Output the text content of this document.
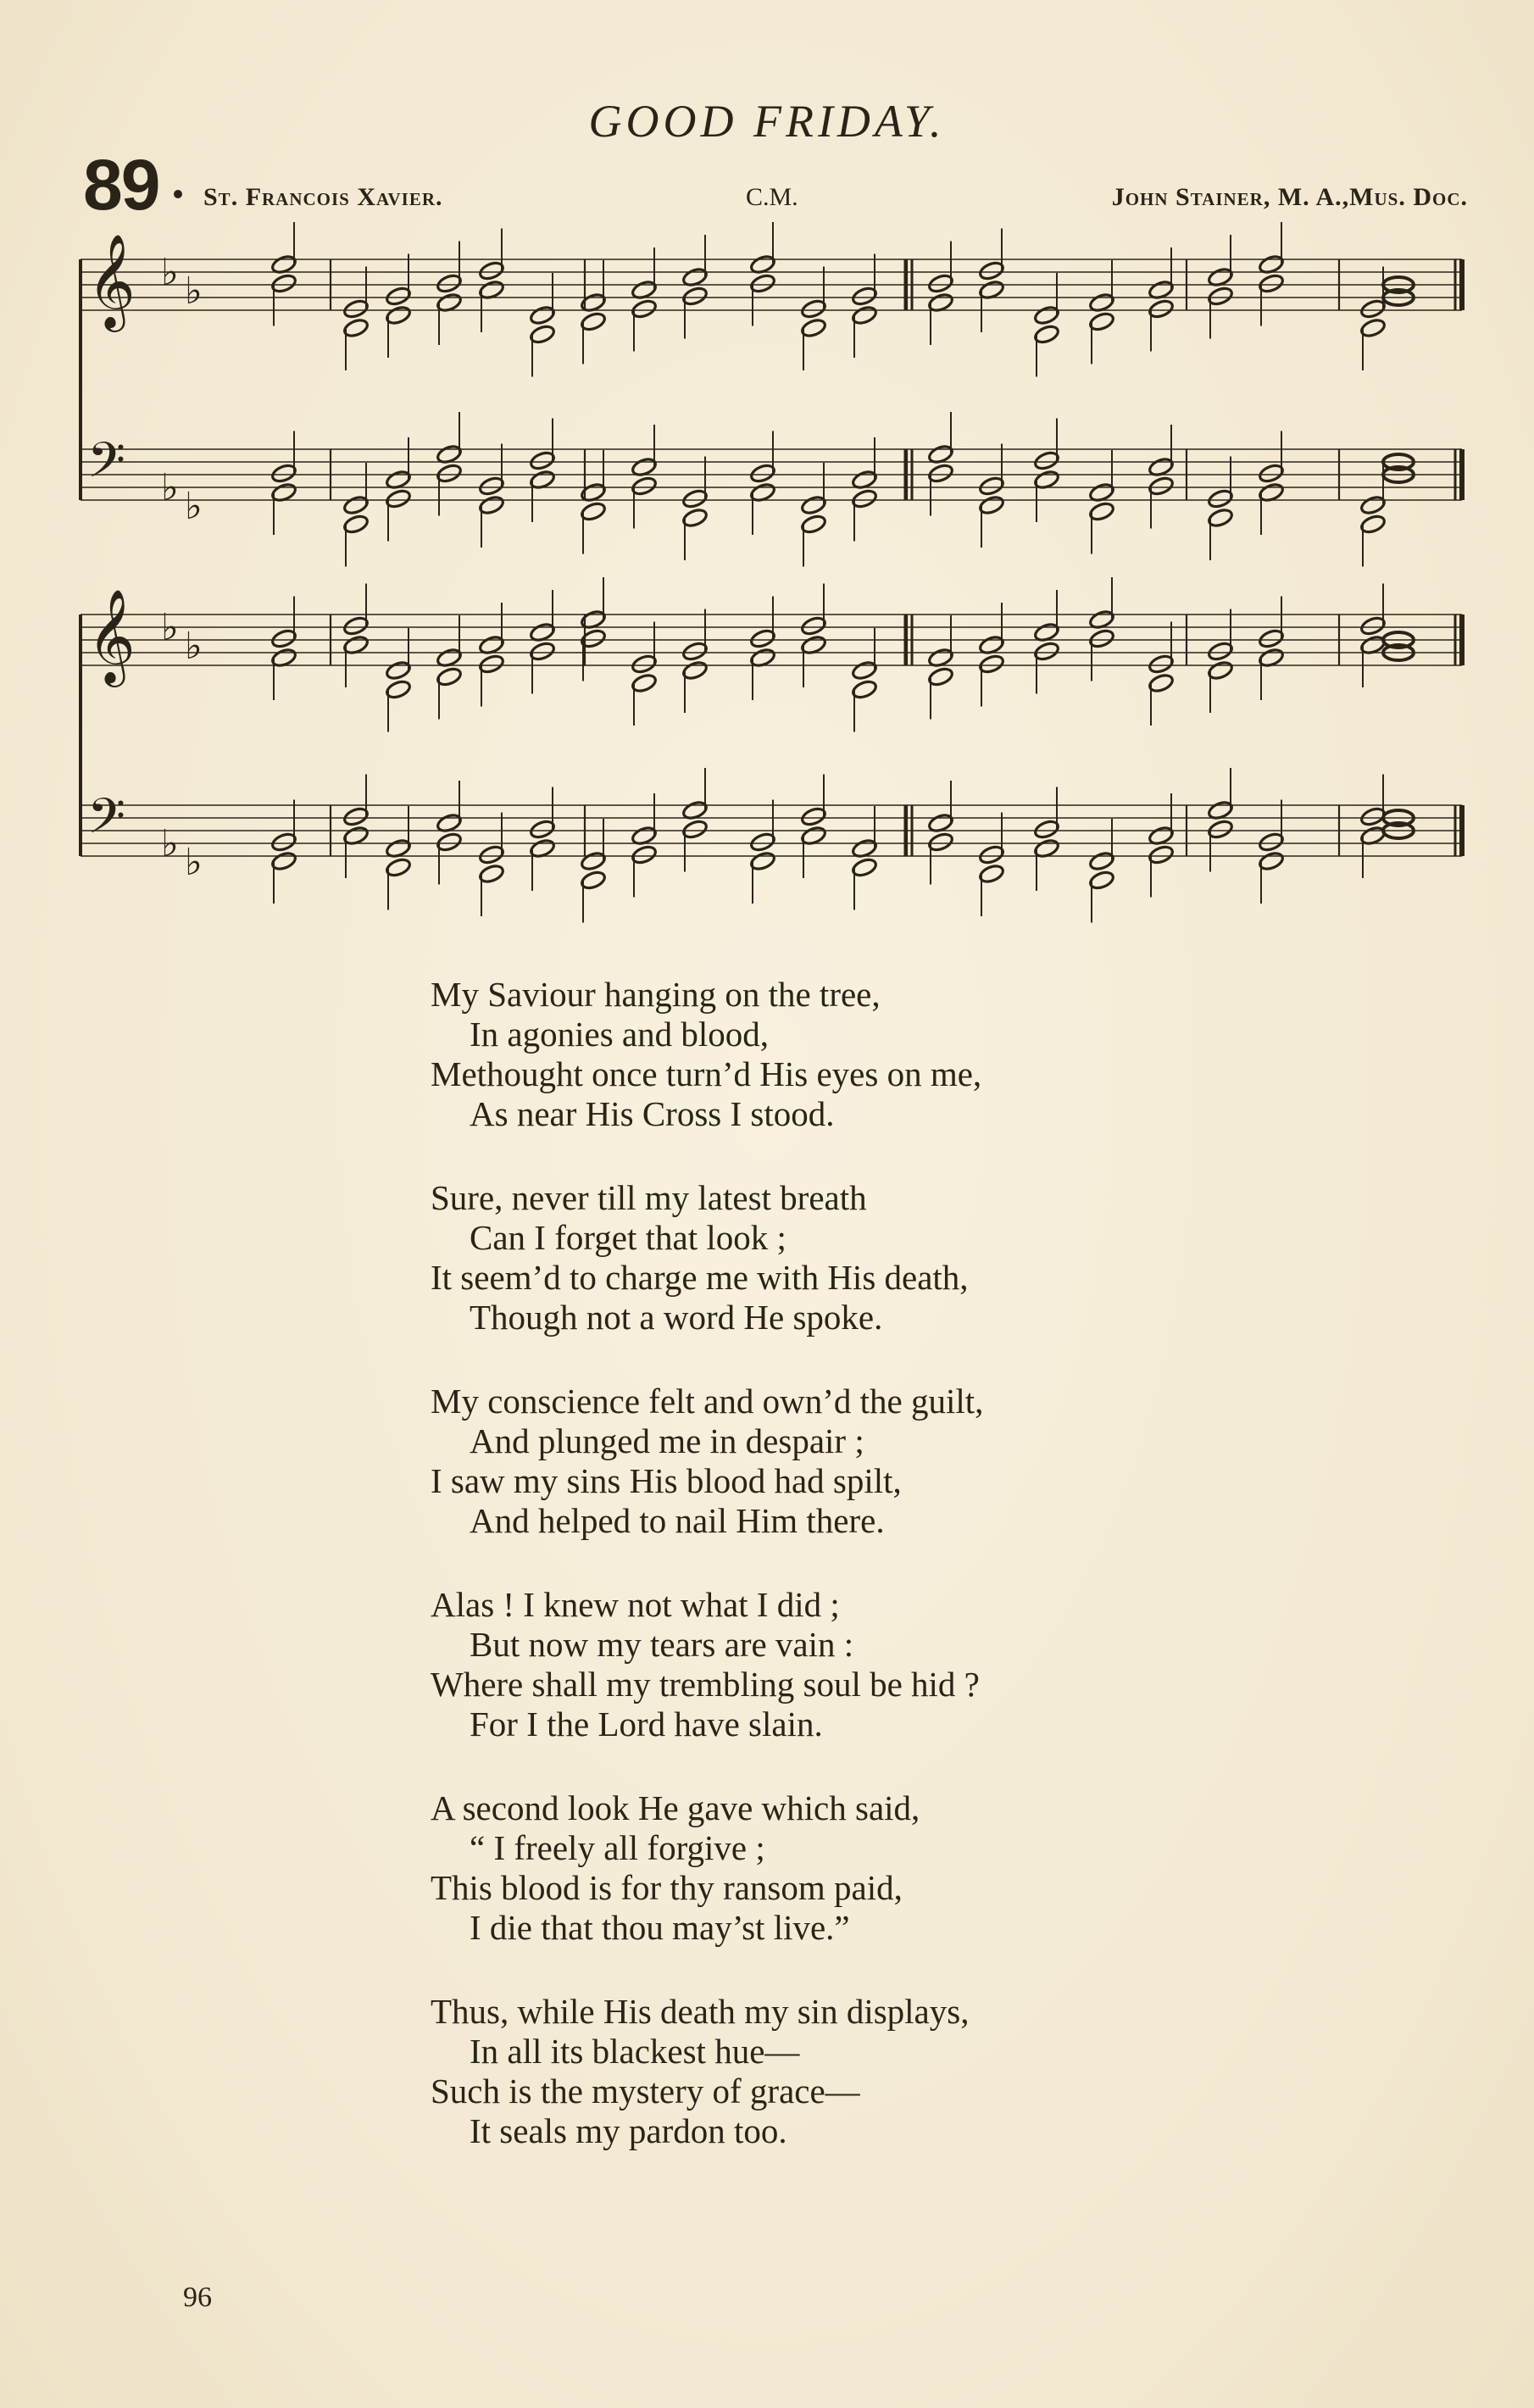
GOOD FRIDAY.
89 St. Francois Xavier.	C.M.	John Stainer, M. A.,Mus. Doc.
𝄞
𝄢
♭ ♭
♭ ♭
𝄞
𝄢
♭ ♭
♭ ♭
My Saviour hanging on the tree,
In agonies and blood,
Methought once turn’d His eyes on me,
As near His Cross I stood.
Sure, never till my latest breath
Can I forget that look ;
It seem’d to charge me with His death,
Though not a word He spoke.
My conscience felt and own’d the guilt,
And plunged me in despair ;
I saw my sins His blood had spilt,
And helped to nail Him there.
Alas ! I knew not what I did ;
But now my tears are vain :
Where shall my trembling soul be hid ?
For I the Lord have slain.
A second look He gave which said,
“ I freely all forgive ;
This blood is for thy ransom paid,
I die that thou may’st live.”
Thus, while His death my sin displays,
In all its blackest hue—
Such is the mystery of grace—
It seals my pardon too.
96
